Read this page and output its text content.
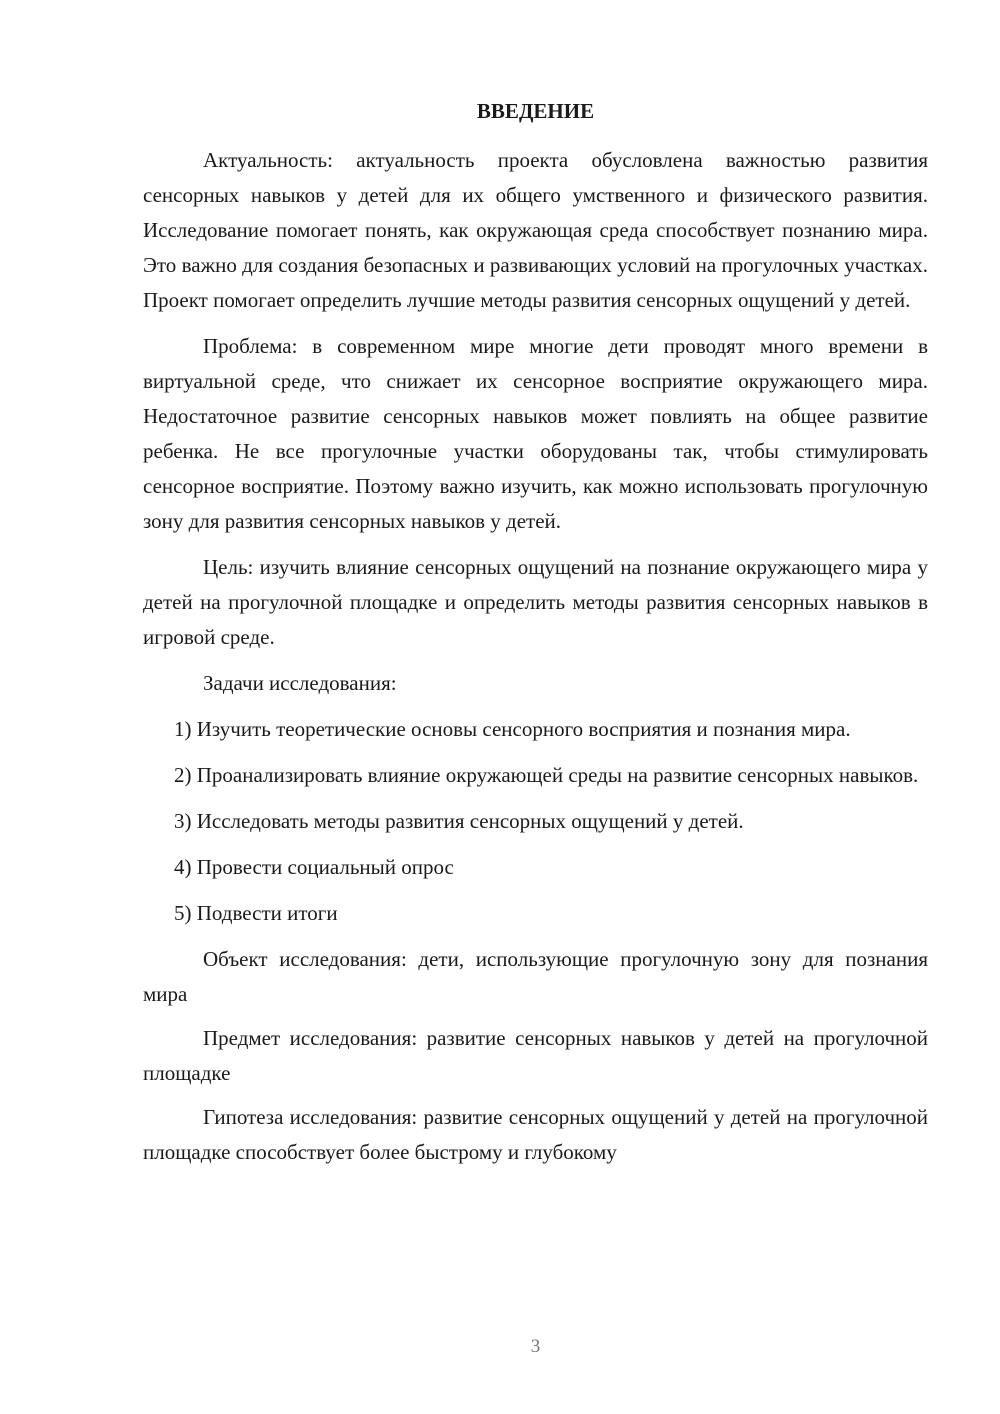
ВВЕДЕНИЕ

Актуальность: актуальность проекта обусловлена важностью развития сенсорных навыков у детей для их общего умственного и физического развития. Исследование помогает понять, как окружающая среда способствует познанию мира. Это важно для создания безопасных и развивающих условий на прогулочных участках. Проект помогает определить лучшие методы развития сенсорных ощущений у детей.

Проблема: в современном мире многие дети проводят много времени в виртуальной среде, что снижает их сенсорное восприятие окружающего мира. Недостаточное развитие сенсорных навыков может повлиять на общее развитие ребенка. Не все прогулочные участки оборудованы так, чтобы стимулировать сенсорное восприятие. Поэтому важно изучить, как можно использовать прогулочную зону для развития сенсорных навыков у детей.

Цель: изучить влияние сенсорных ощущений на познание окружающего мира у детей на прогулочной площадке и определить методы развития сенсорных навыков в игровой среде.

Задачи исследования:

1) Изучить теоретические основы сенсорного восприятия и познания мира.

2) Проанализировать влияние окружающей среды на развитие сенсорных навыков.

3) Исследовать методы развития сенсорных ощущений у детей.

4) Провести социальный опрос

5) Подвести итоги

Объект исследования: дети, использующие прогулочную зону для познания мира

Предмет исследования: развитие сенсорных навыков у детей на прогулочной площадке

Гипотеза исследования: развитие сенсорных ощущений у детей на прогулочной площадке способствует более быстрому и глубокому

3
